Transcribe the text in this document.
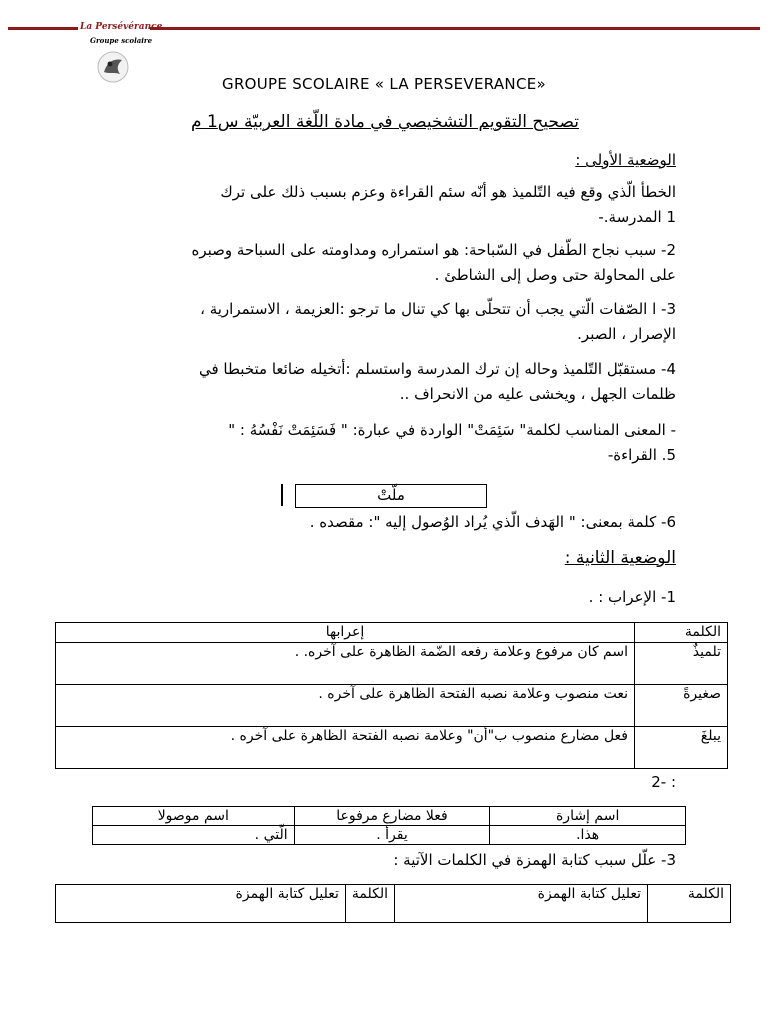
La Persévérance
Groupe scolaire
GROUPE SCOLAIRE « LA PERSEVERANCE»
تصحيح التقويم التشخيصي في مادة اللّغة العربيّة س1 م
الوضعية الأولى :
الخطأ الّذي وقع فيه التّلميذ هو أنّه سئم القراءة وعزم بسبب ذلك على ترك
1 المدرسة.-
2- سبب نجاح الطّفل في السّباحة: هو استمراره ومداومته على السباحة وصبره
على المحاولة حتى وصل إلى الشاطئ .
3- ا الصّفات الّتي يجب أن تتحلّى بها كي تنال ما ترجو :العزيمة ، الاستمرارية ،
الإصرار ، الصبر.
4- مستقبّل التّلميذ وحاله إن ترك المدرسة واستسلم :أتخيله ضائعا متخبطا في
ظلمات الجهل ، ويخشى عليه من الانحراف ..
- المعنى المناسب لكلمة" سَئِمَتْ" الواردة في عبارة: " فَسَئِمَتْ نَفْسُهُ : "
5. القراءة-
ملّتْ
6- كلمة بمعنى: " الهَدف الّذي يُراد الوُصول إليه ": مقصده .
الوضعية الثانية :
1- الإعراب : .
الكلمة	إعرابها
تلميذٌ	اسم كان مرفوع وعلامة رفعه الضّمة الظاهرة على آخره. .
صغيرةً	نعت منصوب وعلامة نصبه الفتحة الظاهرة على آخره .
يبلغَ	فعل مضارع منصوب ب"أن" وعلامة نصبه الفتحة الظاهرة على آخره .
2- :
اسم إشارة	فعلا مضارع مرفوعا	اسم موصولا
هذا.	يقرأ .	الّتي .
3- علّل سبب كتابة الهمزة في الكلمات الآتية :
الكلمة	تعليل كتابة الهمزة	الكلمة	تعليل كتابة الهمزة
